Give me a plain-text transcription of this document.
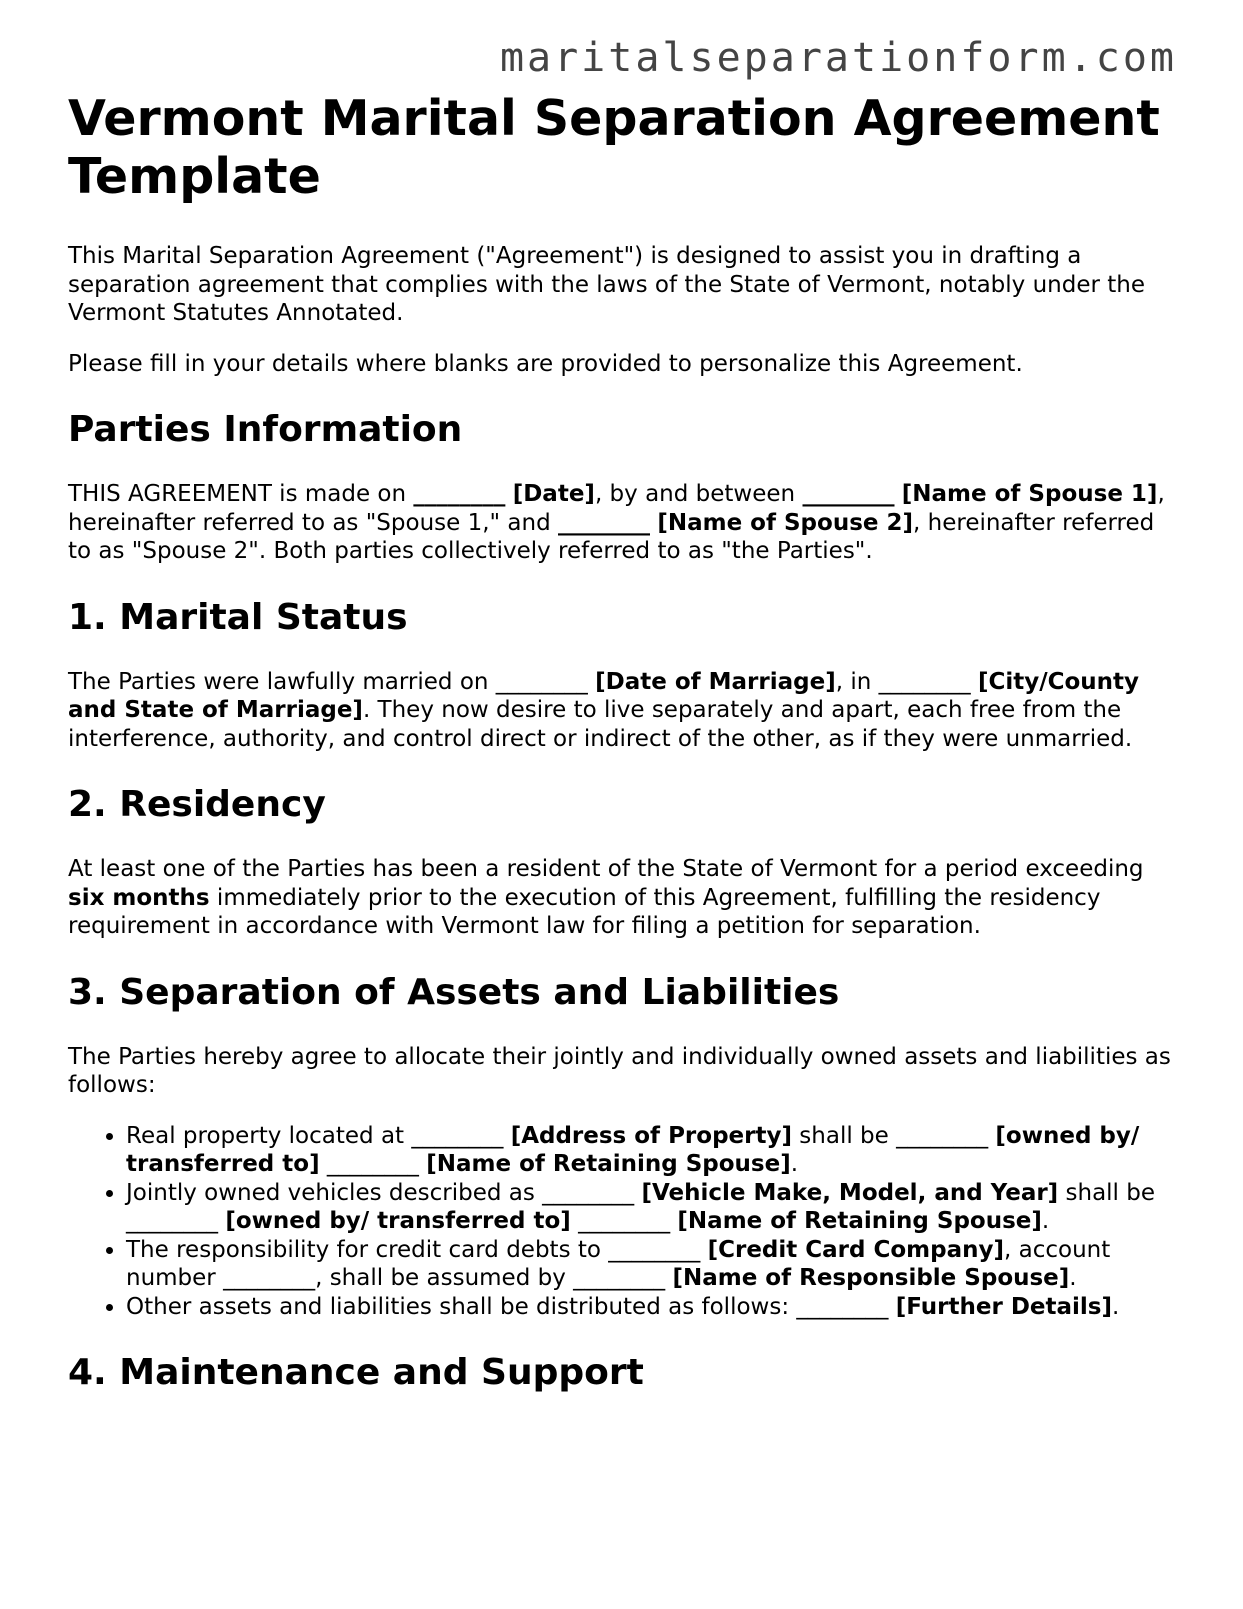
maritalseparationform.com
Vermont Marital Separation Agreement Template

This Marital Separation Agreement ("Agreement") is designed to assist you in drafting a separation agreement that complies with the laws of the State of Vermont, notably under the Vermont Statutes Annotated.

Please fill in your details where blanks are provided to personalize this Agreement.

Parties Information

THIS AGREEMENT is made on ________ [Date], by and between ________ [Name of Spouse 1], hereinafter referred to as "Spouse 1," and ________ [Name of Spouse 2], hereinafter referred to as "Spouse 2". Both parties collectively referred to as "the Parties".

1. Marital Status

The Parties were lawfully married on ________ [Date of Marriage], in ________ [City/County and State of Marriage]. They now desire to live separately and apart, each free from the interference, authority, and control direct or indirect of the other, as if they were unmarried.

2. Residency

At least one of the Parties has been a resident of the State of Vermont for a period exceeding six months immediately prior to the execution of this Agreement, fulfilling the residency requirement in accordance with Vermont law for filing a petition for separation.

3. Separation of Assets and Liabilities

The Parties hereby agree to allocate their jointly and individually owned assets and liabilities as follows:

• Real property located at ________ [Address of Property] shall be ________ [owned by/ transferred to] ________ [Name of Retaining Spouse].
• Jointly owned vehicles described as ________ [Vehicle Make, Model, and Year] shall be ________ [owned by/ transferred to] ________ [Name of Retaining Spouse].
• The responsibility for credit card debts to ________ [Credit Card Company], account number ________, shall be assumed by ________ [Name of Responsible Spouse].
• Other assets and liabilities shall be distributed as follows: ________ [Further Details].
4. Maintenance and Support
